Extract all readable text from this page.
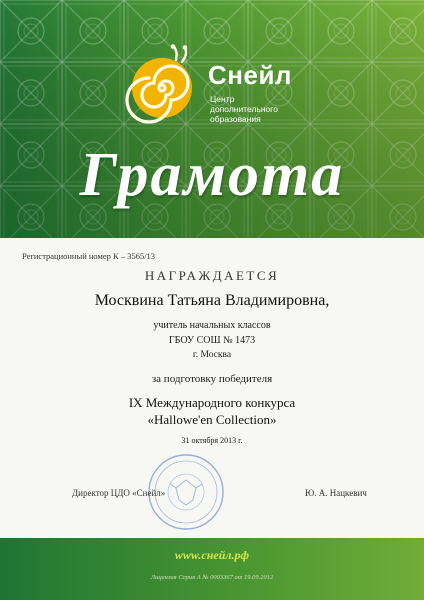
Снейл
Центр
дополнительного
образования
Грамота
Регистрационный номер К – 3565/13
НАГРАЖДАЕТСЯ
Москвина Татьяна Владимировна,
учитель начальных классов
ГБОУ СОШ № 1473
г. Москва
за подготовку победителя
IX Международного конкурса
«Hallowe'en Collection»
31 октября 2013 г.
Директор ЦДО «Снейл»	Ю. А. Нацкевич
www.снейл.рф
Лицензия Серия А № 0003367 от 19.09.2012
